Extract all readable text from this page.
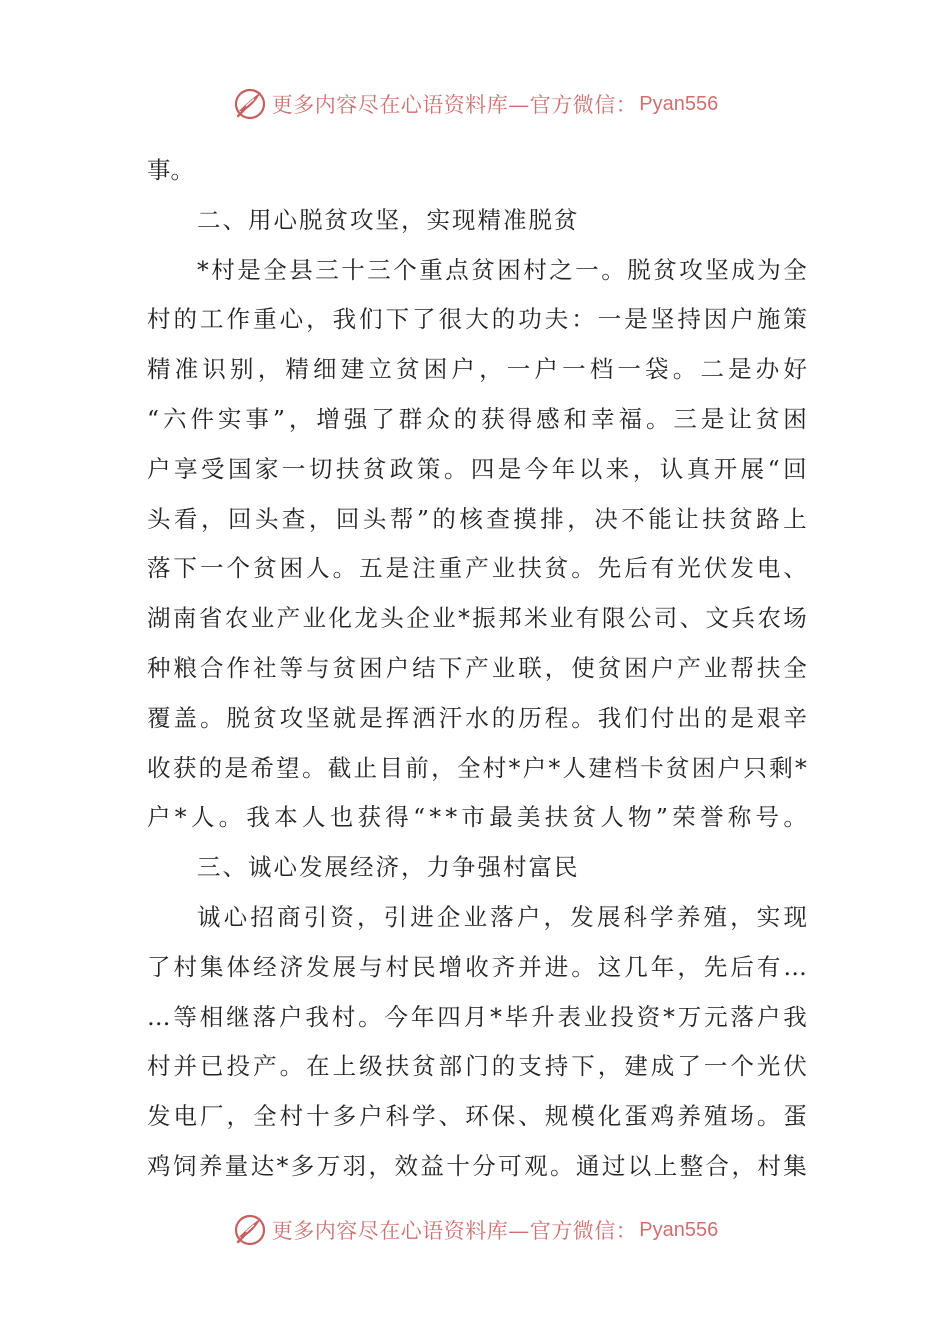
更多内容尽在心语资料库—官方微信： Pyan556
事。
二、用心脱贫攻坚，实现精准脱贫
* 村 是 全 县 三 十 三 个 重 点 贫 困 村 之 一 。 脱 贫 攻 坚 成 为 全
村 的 工 作 重 心 ， 我 们 下 了 很 大 的 功 夫 ： 一 是 坚 持 因 户 施 策
精 准 识 别 ， 精 细 建 立 贫 困 户 ， 一 户 一 档 一 袋 。 二 是 办 好
“ 六 件 实 事 ” ， 增 强 了 群 众 的 获 得 感 和 幸 福 。 三 是 让 贫 困
户 享 受 国 家 一 切 扶 贫 政 策 。 四 是 今 年 以 来 ， 认 真 开 展 “ 回
头 看 ， 回 头 查 ， 回 头 帮 ” 的 核 查 摸 排 ， 决 不 能 让 扶 贫 路 上
落 下 一 个 贫 困 人 。 五 是 注 重 产 业 扶 贫 。 先 后 有 光 伏 发 电 、
湖 南 省 农 业 产 业 化 龙 头 企 业 * 振 邦 米 业 有 限 公 司 、 文 兵 农 场
种 粮 合 作 社 等 与 贫 困 户 结 下 产 业 联 ， 使 贫 困 户 产 业 帮 扶 全
覆 盖 。 脱 贫 攻 坚 就 是 挥 洒 汗 水 的 历 程 。 我 们 付 出 的 是 艰 辛
收 获 的 是 希 望 。 截 止 目 前 ， 全 村 * 户 * 人 建 档 卡 贫 困 户 只 剩 *
户 * 人 。 我 本 人 也 获 得 “ * * 市 最 美 扶 贫 人 物 ” 荣 誉 称 号 。
三、诚心发展经济，力争强村富民
诚 心 招 商 引 资 ， 引 进 企 业 落 户 ， 发 展 科 学 养 殖 ， 实 现
了 村 集 体 经 济 发 展 与 村 民 增 收 齐 并 进 。 这 几 年 ， 先 后 有 …
… 等 相 继 落 户 我 村 。 今 年 四 月 * 毕 升 表 业 投 资 * 万 元 落 户 我
村 并 已 投 产 。 在 上 级 扶 贫 部 门 的 支 持 下 ， 建 成 了 一 个 光 伏
发 电 厂 ， 全 村 十 多 户 科 学 、 环 保 、 规 模 化 蛋 鸡 养 殖 场 。 蛋
鸡 饲 养 量 达 * 多 万 羽 ， 效 益 十 分 可 观 。 通 过 以 上 整 合 ， 村 集
更多内容尽在心语资料库—官方微信： Pyan556
